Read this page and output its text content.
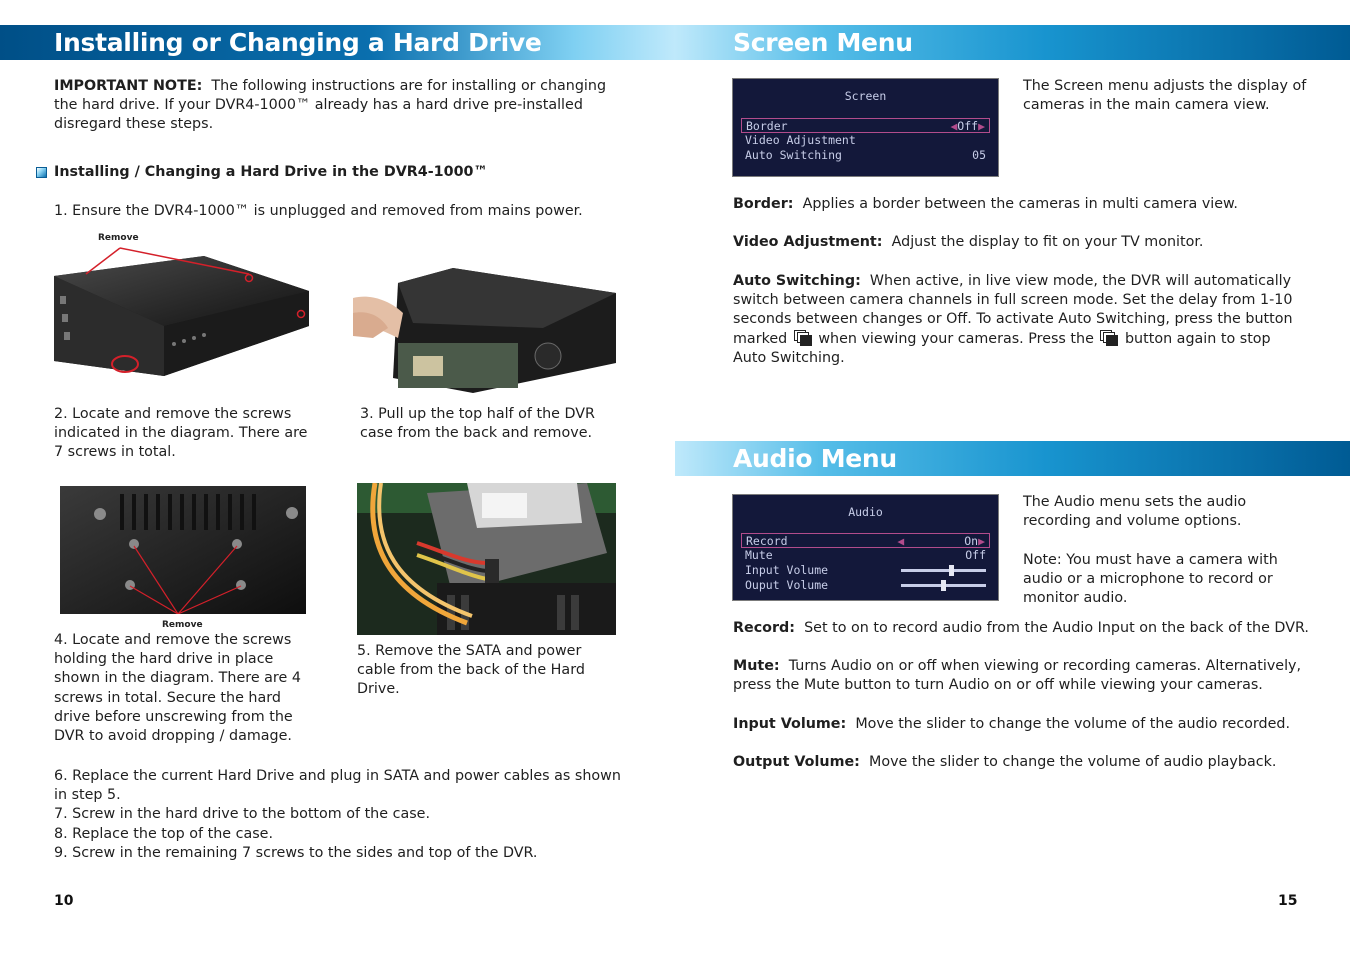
Installing or Changing a Hard Drive
IMPORTANT NOTE: The following instructions are for installing or changing the hard drive. If your DVR4-1000™ already has a hard drive pre-installed disregard these steps.
Installing / Changing a Hard Drive in the DVR4-1000™
1. Ensure the DVR4-1000™ is unplugged and removed from mains power.
Remove
2. Locate and remove the screws indicated in the diagram. There are 7 screws in total.
3. Pull up the top half of the DVR case from the back and remove.
Remove
4. Locate and remove the screws holding the hard drive in place shown in the diagram. There are 4 screws in total. Secure the hard drive before unscrewing from the DVR to avoid dropping / damage.
5. Remove the SATA and power cable from the back of the Hard Drive.
6. Replace the current Hard Drive and plug in SATA and power cables as shown in step 5.
7. Screw in the hard drive to the bottom of the case.
8. Replace the top of the case.
9. Screw in the remaining 7 screws to the sides and top of the DVR.
10
Screen Menu
Screen
Border	◀Off▶
Video Adjustment
Auto Switching	05
The Screen menu adjusts the display of cameras in the main camera view.
Border: Applies a border between the cameras in multi camera view.
Video Adjustment: Adjust the display to fit on your TV monitor.
Auto Switching: When active, in live view mode, the DVR will automatically switch between camera channels in full screen mode. Set the delay from 1-10 seconds between changes or Off. To activate Auto Switching, press the button marked when viewing your cameras. Press the button again to stop Auto Switching.
Audio Menu
Audio
Record	◀	On▶
Mute	Off
Input Volume
Ouput Volume
The Audio menu sets the audio recording and volume options.
Note: You must have a camera with audio or a microphone to record or monitor audio.
Record: Set to on to record audio from the Audio Input on the back of the DVR.
Mute: Turns Audio on or off when viewing or recording cameras. Alternatively, press the Mute button to turn Audio on or off while viewing your cameras.
Input Volume: Move the slider to change the volume of the audio recorded.
Output Volume: Move the slider to change the volume of audio playback.
15
